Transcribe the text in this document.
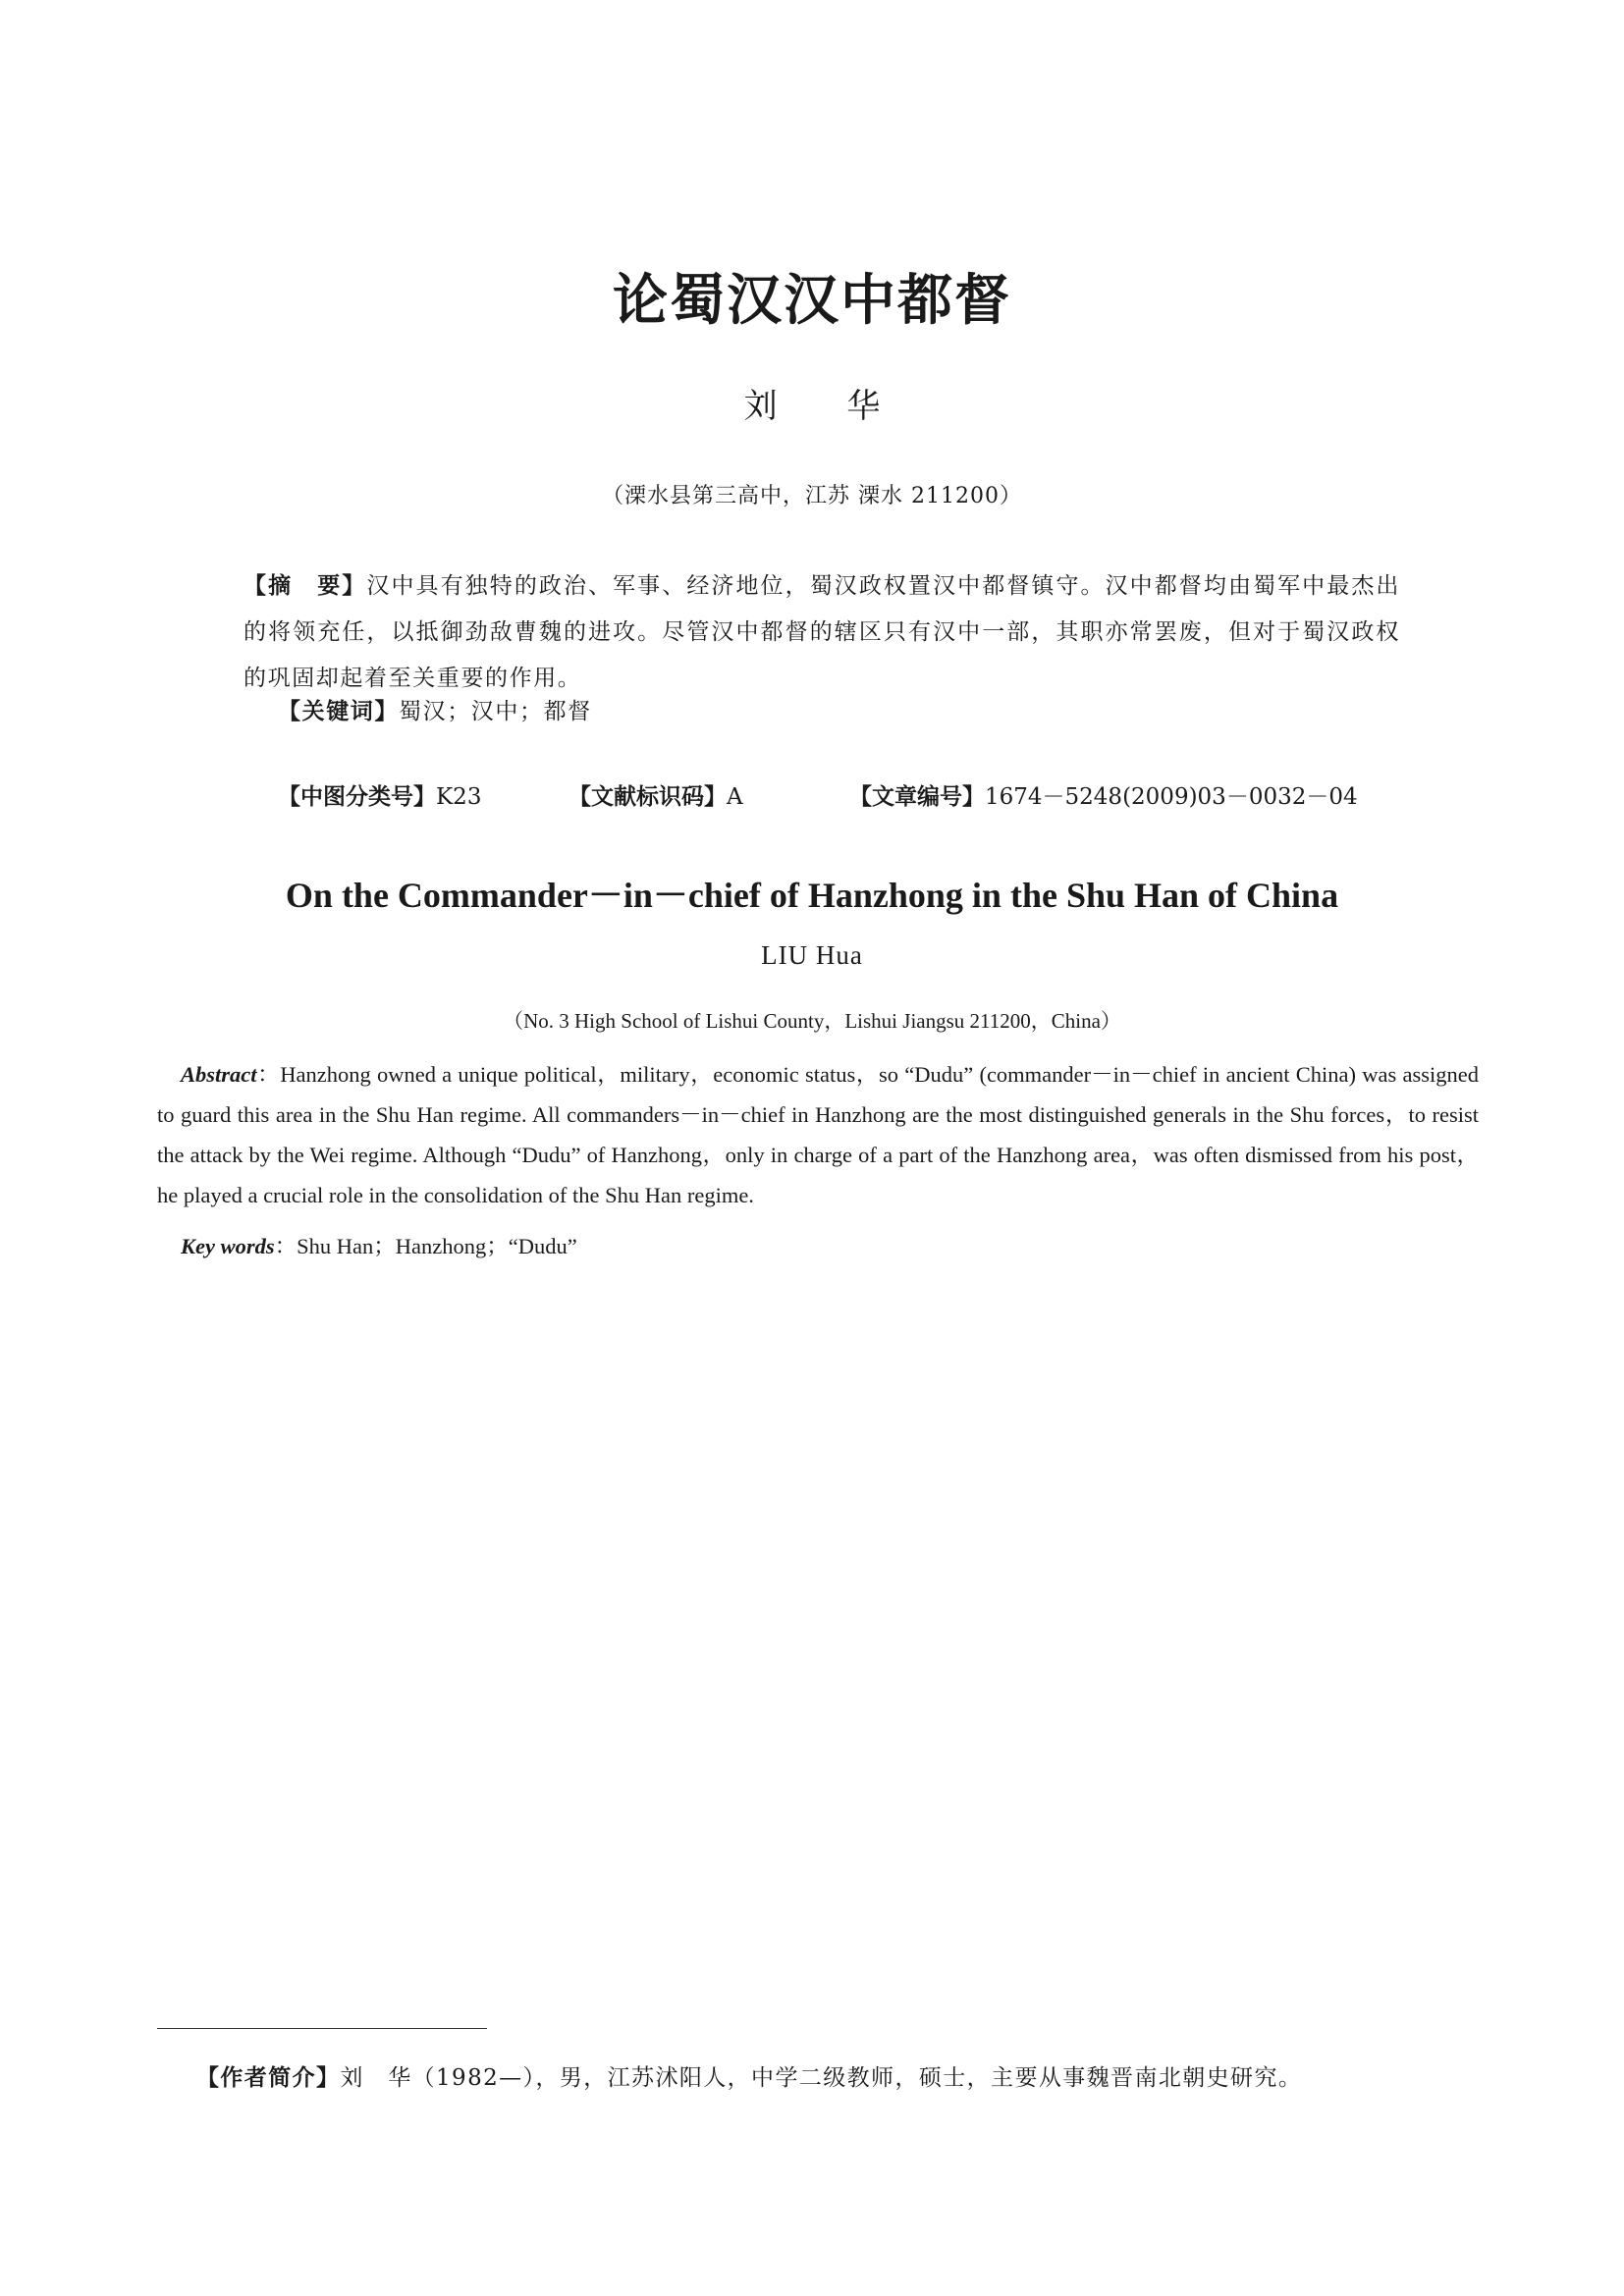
论蜀汉汉中都督
刘 华
（溧水县第三高中，江苏 溧水 211200）
【摘　要】汉中具有独特的政治、军事、经济地位，蜀汉政权置汉中都督镇守。汉中都督均由蜀军中最杰出的将领充任，以抵御劲敌曹魏的进攻。尽管汉中都督的辖区只有汉中一部，其职亦常罢废，但对于蜀汉政权的巩固却起着至关重要的作用。
【关键词】蜀汉；汉中；都督
【中图分类号】K23	【文献标识码】A	【文章编号】1674－5248(2009)03－0032－04
On the Commander－in－chief of Hanzhong in the Shu Han of China
LIU Hua
（No. 3 High School of Lishui County，Lishui Jiangsu 211200，China）
Abstract：Hanzhong owned a unique political，military，economic status，so “Dudu” (commander－in－chief in ancient China) was assigned to guard this area in the Shu Han regime. All commanders－in－chief in Hanzhong are the most distinguished generals in the Shu forces，to resist the attack by the Wei regime. Although “Dudu” of Hanzhong，only in charge of a part of the Hanzhong area，was often dismissed from his post，he played a crucial role in the consolidation of the Shu Han regime.
Key words：Shu Han；Hanzhong；“Dudu”
【作者简介】刘　华（1982—），男，江苏沭阳人，中学二级教师，硕士，主要从事魏晋南北朝史研究。
